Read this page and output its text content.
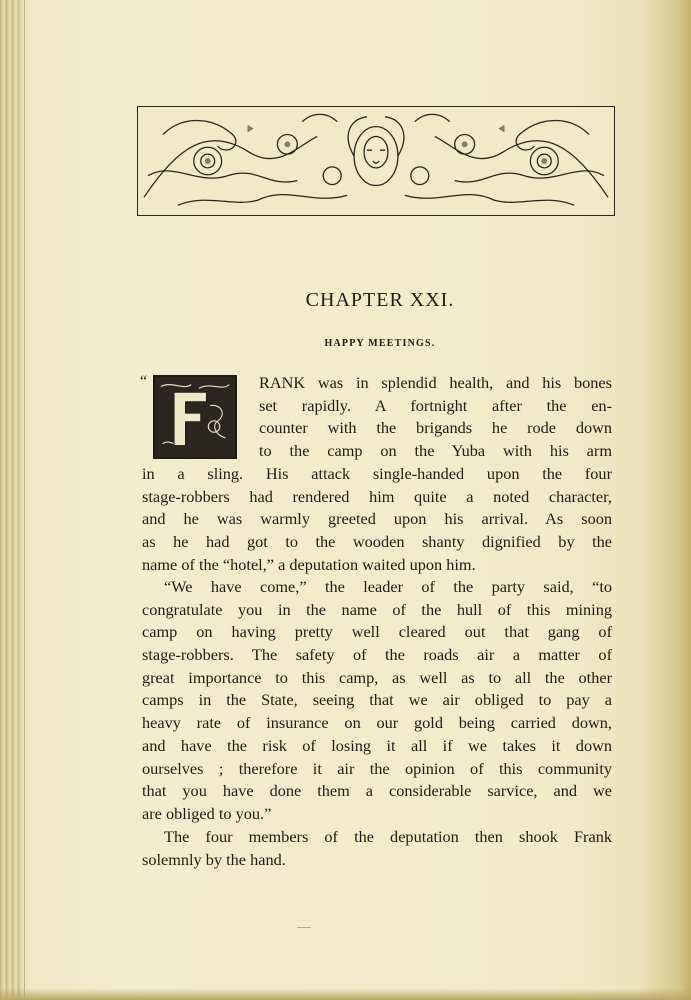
CHAPTER XXI.
HAPPY MEETINGS.
“	RANK was in splendid health, and his bones
set rapidly. A fortnight after the en-
counter with the brigands he rode down
to the camp on the Yuba with his arm
in a sling. His attack single-handed upon the four
stage-robbers had rendered him quite a noted character,
and he was warmly greeted upon his arrival. As soon
as he had got to the wooden shanty dignified by the
name of the “hotel,” a deputation waited upon him.
“We have come,” the leader of the party said, “to
congratulate you in the name of the hull of this mining
camp on having pretty well cleared out that gang of
stage-robbers. The safety of the roads air a matter of
great importance to this camp, as well as to all the other
camps in the State, seeing that we air obliged to pay a
heavy rate of insurance on our gold being carried down,
and have the risk of losing it all if we takes it down
ourselves ; therefore it air the opinion of this community
that you have done them a considerable sarvice, and we
are obliged to you.”
The four members of the deputation then shook Frank
solemnly by the hand.
